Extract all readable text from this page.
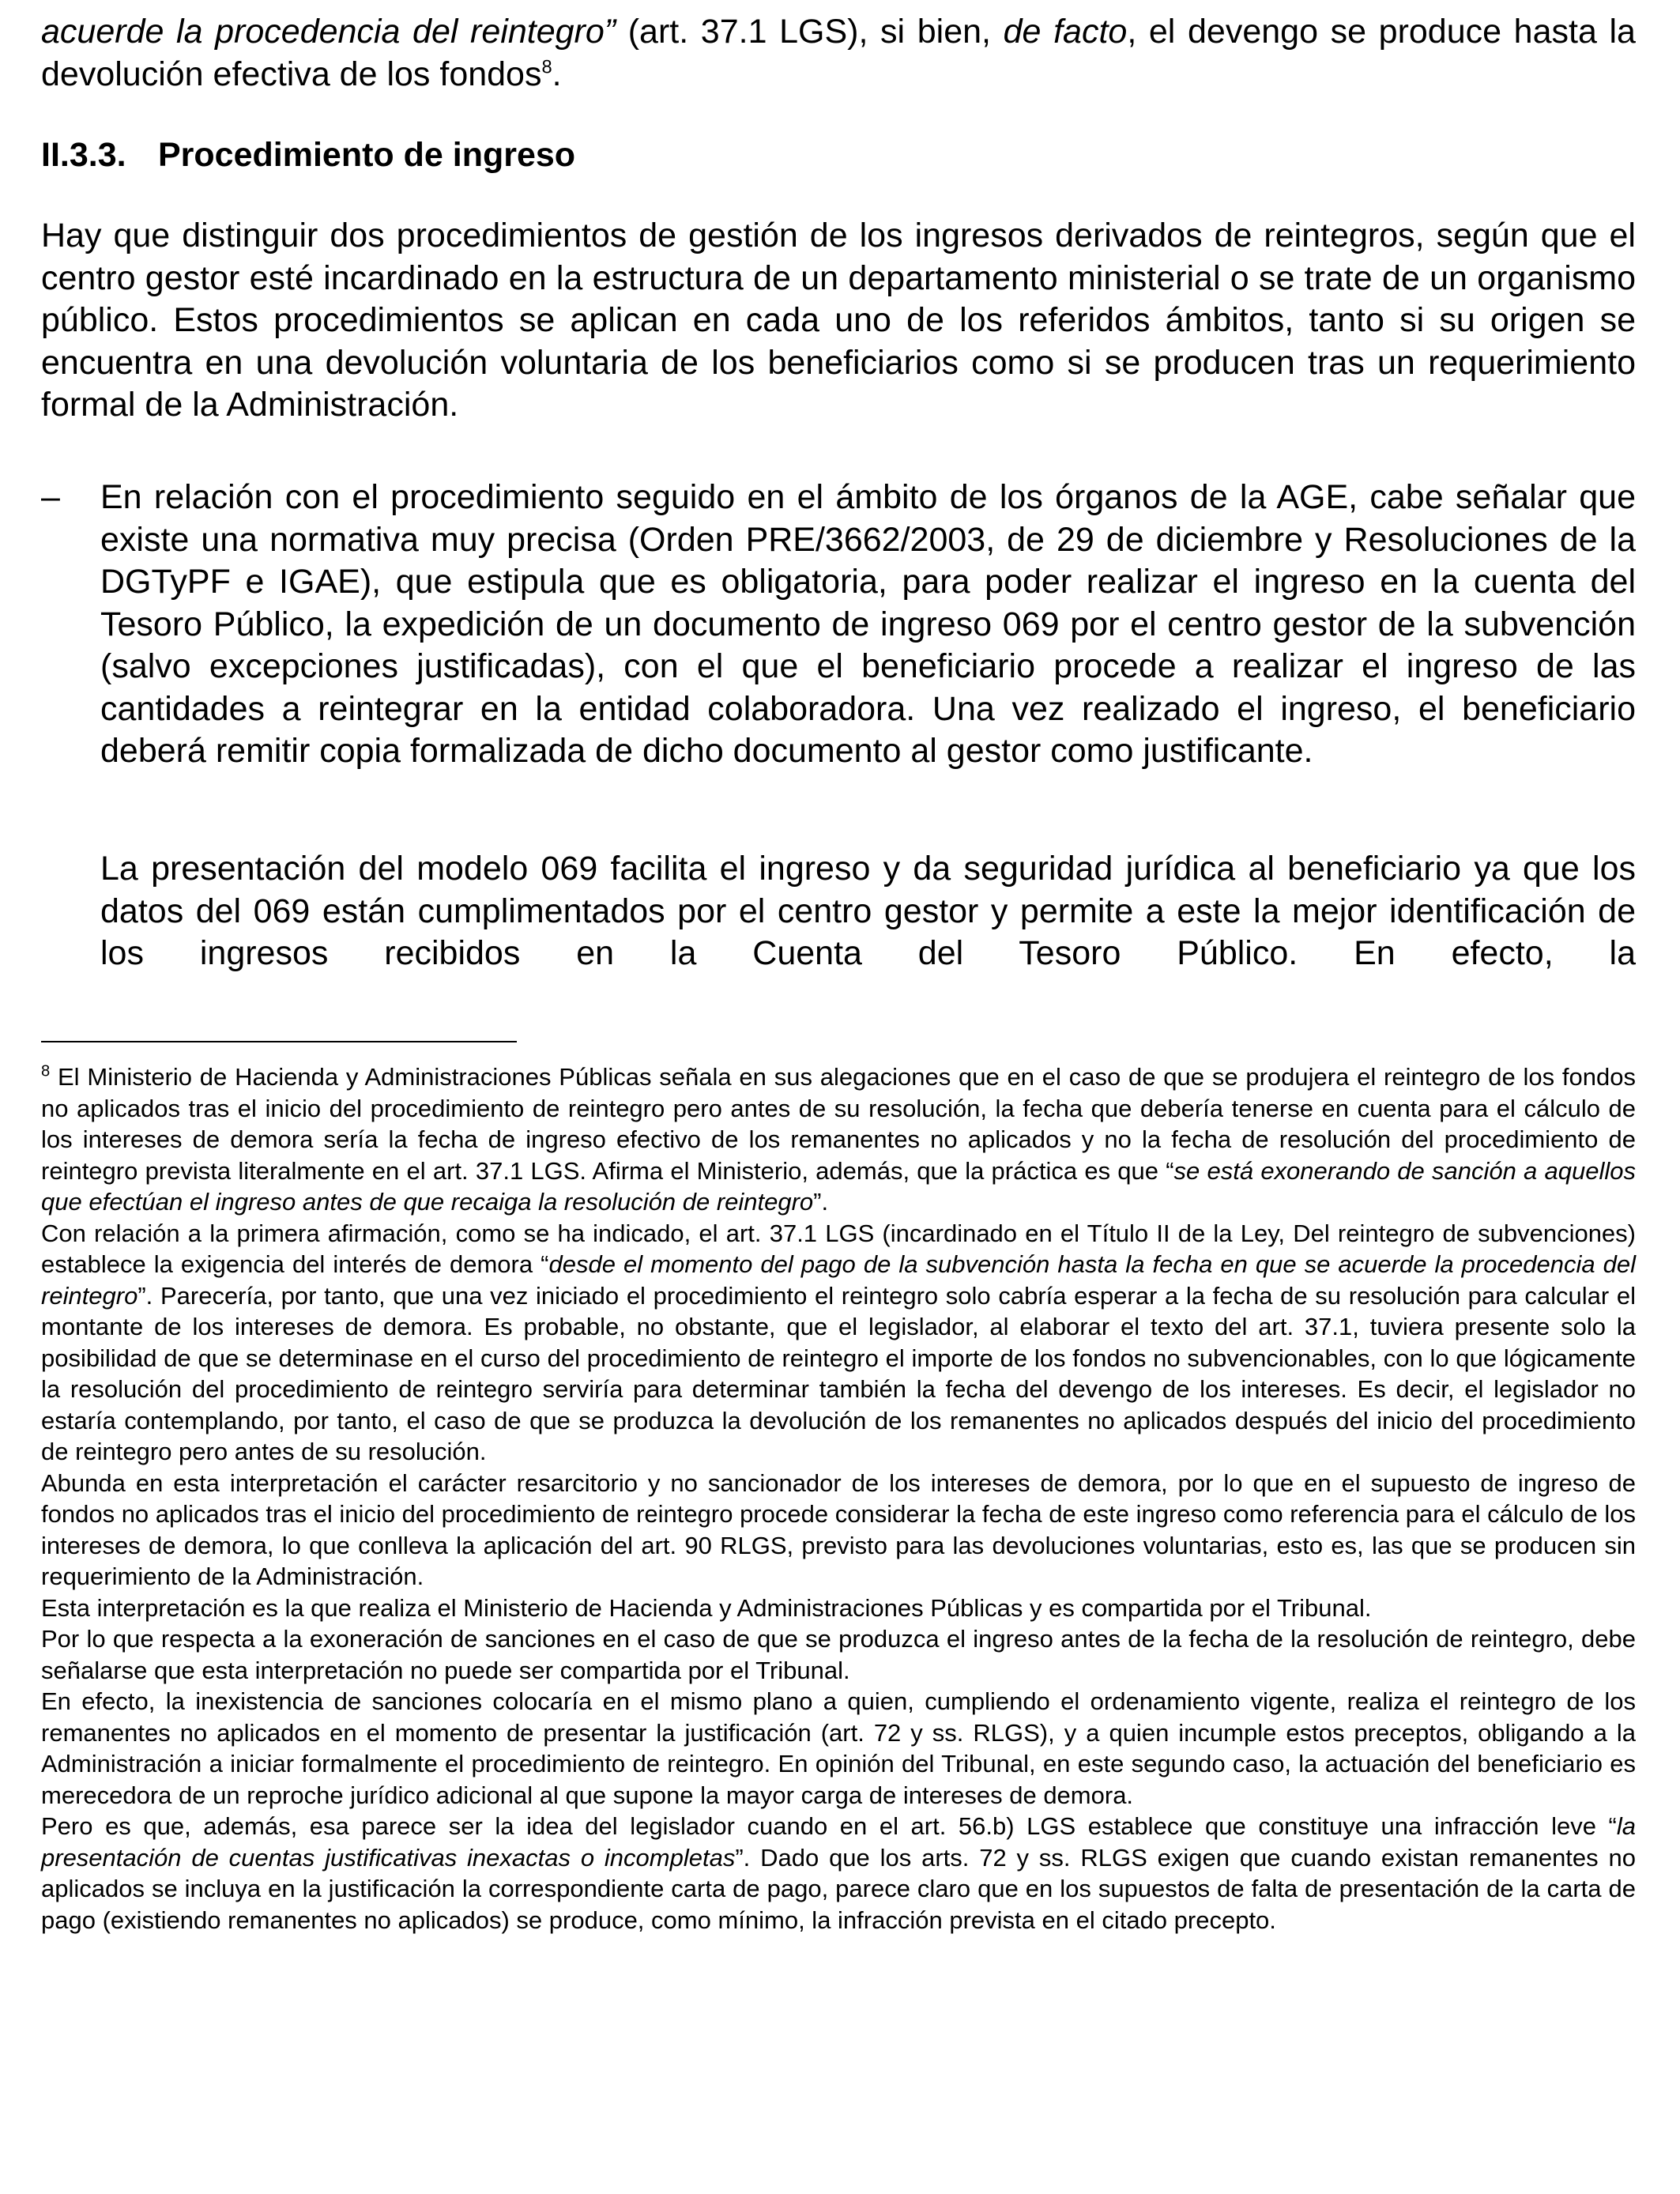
acuerde la procedencia del reintegro” (art. 37.1 LGS), si bien, de facto, el devengo se produce hasta la devolución efectiva de los fondos$^8$.

II.3.3. Procedimiento de ingreso

Hay que distinguir dos procedimientos de gestión de los ingresos derivados de reintegros, según que el centro gestor esté incardinado en la estructura de un departamento ministerial o se trate de un organismo público. Estos procedimientos se aplican en cada uno de los referidos ámbitos, tanto si su origen se encuentra en una devolución voluntaria de los beneficiarios como si se producen tras un requerimiento formal de la Administración.

–	En relación con el procedimiento seguido en el ámbito de los órganos de la AGE, cabe señalar que existe una normativa muy precisa (Orden PRE/3662/2003, de 29 de diciembre y Resoluciones de la DGTyPF e IGAE), que estipula que es obligatoria, para poder realizar el ingreso en la cuenta del Tesoro Público, la expedición de un documento de ingreso 069 por el centro gestor de la subvención (salvo excepciones justificadas), con el que el beneficiario procede a realizar el ingreso de las cantidades a reintegrar en la entidad colaboradora. Una vez realizado el ingreso, el beneficiario deberá remitir copia formalizada de dicho documento al gestor como justificante.

La presentación del modelo 069 facilita el ingreso y da seguridad jurídica al beneficiario ya que los datos del 069 están cumplimentados por el centro gestor y permite a este la mejor identificación de los ingresos recibidos en la Cuenta del Tesoro Público. En efecto, la

$^8$ El Ministerio de Hacienda y Administraciones Públicas señala en sus alegaciones que en el caso de que se produjera el reintegro de los fondos no aplicados tras el inicio del procedimiento de reintegro pero antes de su resolución, la fecha que debería tenerse en cuenta para el cálculo de los intereses de demora sería la fecha de ingreso efectivo de los remanentes no aplicados y no la fecha de resolución del procedimiento de reintegro prevista literalmente en el art. 37.1 LGS. Afirma el Ministerio, además, que la práctica es que “se está exonerando de sanción a aquellos que efectúan el ingreso antes de que recaiga la resolución de reintegro”.

Con relación a la primera afirmación, como se ha indicado, el art. 37.1 LGS (incardinado en el Título II de la Ley, Del reintegro de subvenciones) establece la exigencia del interés de demora “desde el momento del pago de la subvención hasta la fecha en que se acuerde la procedencia del reintegro”. Parecería, por tanto, que una vez iniciado el procedimiento el reintegro solo cabría esperar a la fecha de su resolución para calcular el montante de los intereses de demora. Es probable, no obstante, que el legislador, al elaborar el texto del art. 37.1, tuviera presente solo la posibilidad de que se determinase en el curso del procedimiento de reintegro el importe de los fondos no subvencionables, con lo que lógicamente la resolución del procedimiento de reintegro serviría para determinar también la fecha del devengo de los intereses. Es decir, el legislador no estaría contemplando, por tanto, el caso de que se produzca la devolución de los remanentes no aplicados después del inicio del procedimiento de reintegro pero antes de su resolución.

Abunda en esta interpretación el carácter resarcitorio y no sancionador de los intereses de demora, por lo que en el supuesto de ingreso de fondos no aplicados tras el inicio del procedimiento de reintegro procede considerar la fecha de este ingreso como referencia para el cálculo de los intereses de demora, lo que conlleva la aplicación del art. 90 RLGS, previsto para las devoluciones voluntarias, esto es, las que se producen sin requerimiento de la Administración.

Esta interpretación es la que realiza el Ministerio de Hacienda y Administraciones Públicas y es compartida por el Tribunal.

Por lo que respecta a la exoneración de sanciones en el caso de que se produzca el ingreso antes de la fecha de la resolución de reintegro, debe señalarse que esta interpretación no puede ser compartida por el Tribunal.

En efecto, la inexistencia de sanciones colocaría en el mismo plano a quien, cumpliendo el ordenamiento vigente, realiza el reintegro de los remanentes no aplicados en el momento de presentar la justificación (art. 72 y ss. RLGS), y a quien incumple estos preceptos, obligando a la Administración a iniciar formalmente el procedimiento de reintegro. En opinión del Tribunal, en este segundo caso, la actuación del beneficiario es merecedora de un reproche jurídico adicional al que supone la mayor carga de intereses de demora.

Pero es que, además, esa parece ser la idea del legislador cuando en el art. 56.b) LGS establece que constituye una infracción leve “la presentación de cuentas justificativas inexactas o incompletas”. Dado que los arts. 72 y ss. RLGS exigen que cuando existan remanentes no aplicados se incluya en la justificación la correspondiente carta de pago, parece claro que en los supuestos de falta de presentación de la carta de pago (existiendo remanentes no aplicados) se produce, como mínimo, la infracción prevista en el citado precepto.
